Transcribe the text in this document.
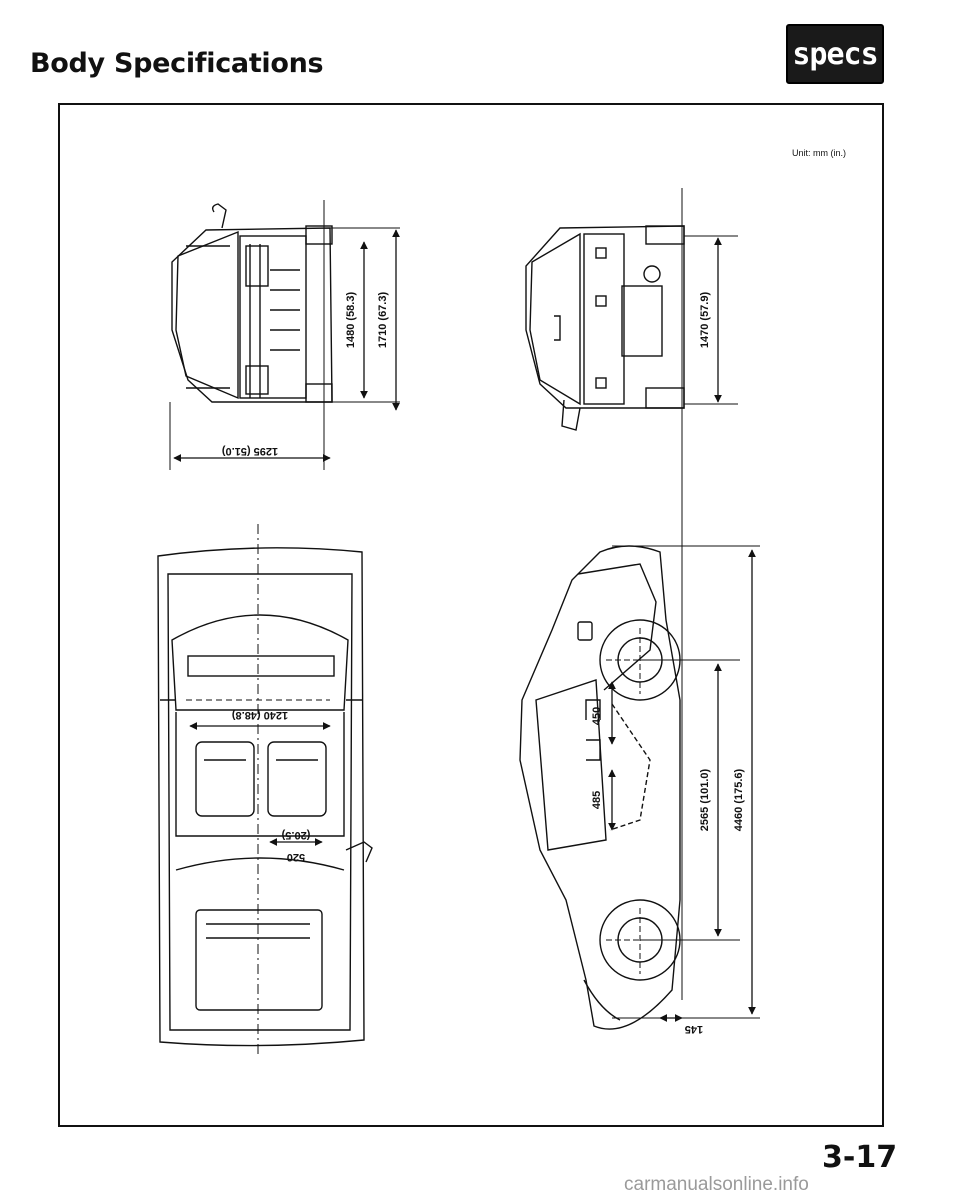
Body Specifications	specs
Unit: mm (in.)
1480 (58.3) 1710 (67.3)
1295 (51.0)
1470 (57.9)
1240 (48.8)
520
(20.5)
450
485	2565 (101.0) 4460 (175.6)
145
3-17
carmanualsonline.info
